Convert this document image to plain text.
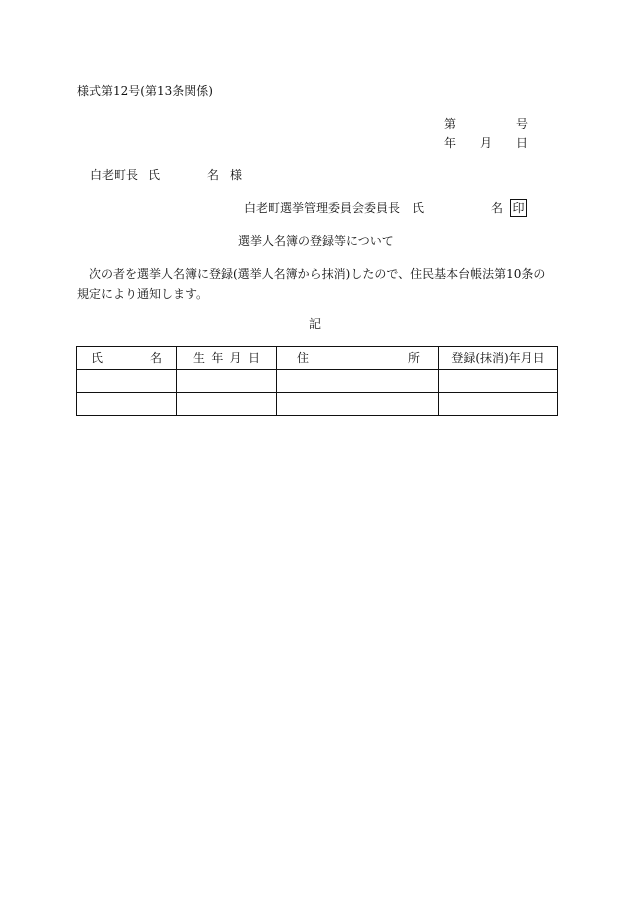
様式第12号(第13条関係)
第	号
年 月 日
白老町長 氏	名 様
白老町選挙管理委員会委員長　氏	名 印
選挙人名簿の登録等について
次の者を選挙人名簿に登録(選挙人名簿から抹消)したので、住民基本台帳法第10条の規定により通知します。
記
氏 名	生 年 月 日	住 所	登録(抹消)年月日
